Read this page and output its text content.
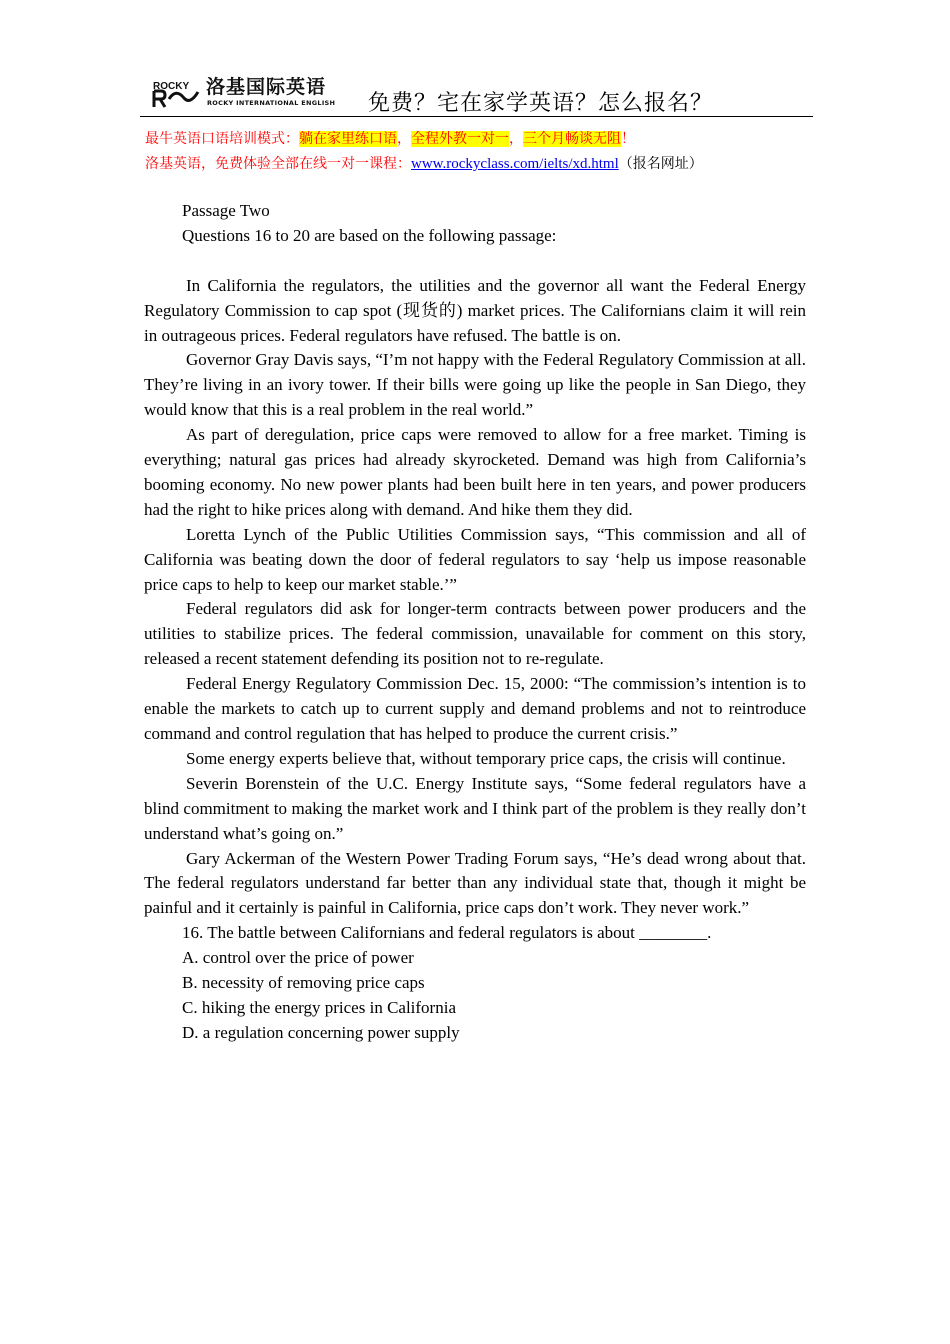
ROCKY 洛基国际英语
ROCKY INTERNATIONAL ENGLISH 免费？宅在家学英语？怎么报名？
最牛英语口语培训模式：躺在家里练口语，全程外教一对一，三个月畅谈无阻！
洛基英语，免费体验全部在线一对一课程：www.rockyclass.com/ielts/xd.html（报名网址）

Passage Two

Questions 16 to 20 are based on the following passage:

In California the regulators, the utilities and the governor all want the Federal Energy Regulatory Commission to cap spot (现货的) market prices. The Californians claim it will rein in outrageous prices. Federal regulators have refused. The battle is on.

Governor Gray Davis says, “I’m not happy with the Federal Regulatory Commission at all. They’re living in an ivory tower. If their bills were going up like the people in San Diego, they would know that this is a real problem in the real world.”

As part of deregulation, price caps were removed to allow for a free market. Timing is everything; natural gas prices had already skyrocketed. Demand was high from California’s booming economy. No new power plants had been built here in ten years, and power producers had the right to hike prices along with demand. And hike them they did.

Loretta Lynch of the Public Utilities Commission says, “This commission and all of California was beating down the door of federal regulators to say ‘help us impose reasonable price caps to help to keep our market stable.’”

Federal regulators did ask for longer-term contracts between power producers and the utilities to stabilize prices. The federal commission, unavailable for comment on this story, released a recent statement defending its position not to re-regulate.

Federal Energy Regulatory Commission Dec. 15, 2000: “The commission’s intention is to enable the markets to catch up to current supply and demand problems and not to reintroduce command and control regulation that has helped to produce the current crisis.”

Some energy experts believe that, without temporary price caps, the crisis will continue.

Severin Borenstein of the U.C. Energy Institute says, “Some federal regulators have a blind commitment to making the market work and I think part of the problem is they really don’t understand what’s going on.”

Gary Ackerman of the Western Power Trading Forum says, “He’s dead wrong about that. The federal regulators understand far better than any individual state that, though it might be painful and it certainly is painful in California, price caps don’t work. They never work.”

16. The battle between Californians and federal regulators is about ________.

A. control over the price of power

B. necessity of removing price caps

C. hiking the energy prices in California

D. a regulation concerning power supply
